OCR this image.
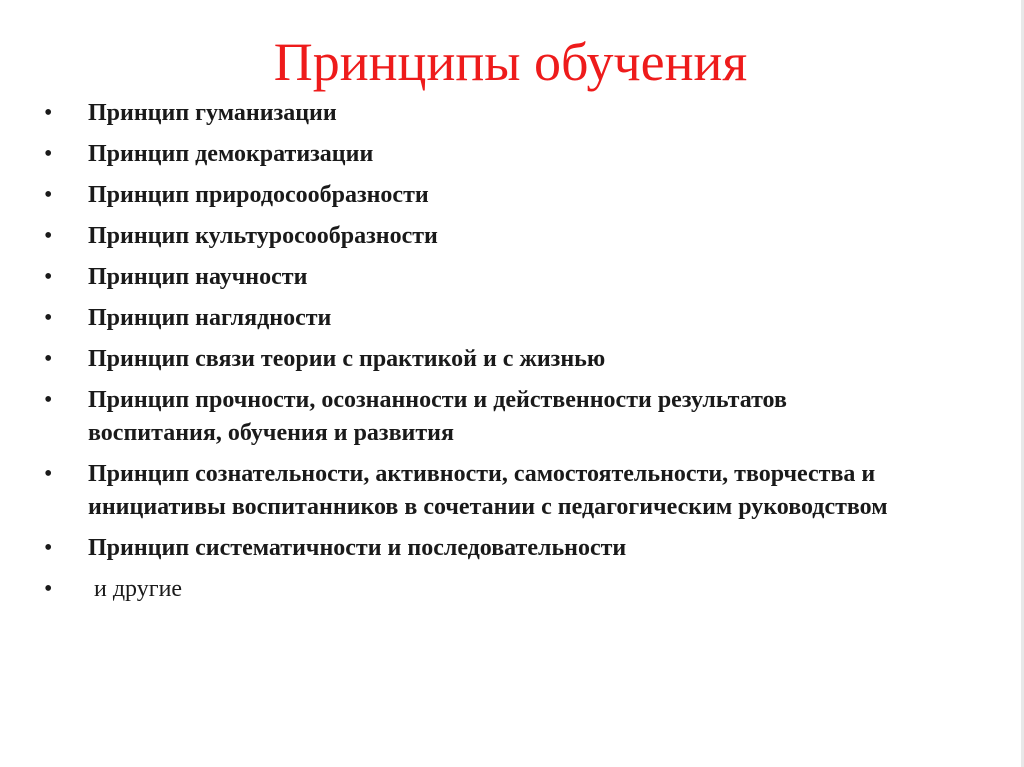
Принципы обучения
•	Принцип гуманизации
•	Принцип демократизации
•	Принцип природосообразности
•	Принцип культуросообразности
•	Принцип научности
•	Принцип наглядности
•	Принцип связи теории с практикой и с жизнью
•	Принцип прочности, осознанности и действенности результатов воспитания, обучения и развития
•	Принцип сознательности, активности, самостоятельности, творчества и инициативы воспитанников в сочетании с педагогическим руководством
•	Принцип систематичности и последовательности
•	и другие
